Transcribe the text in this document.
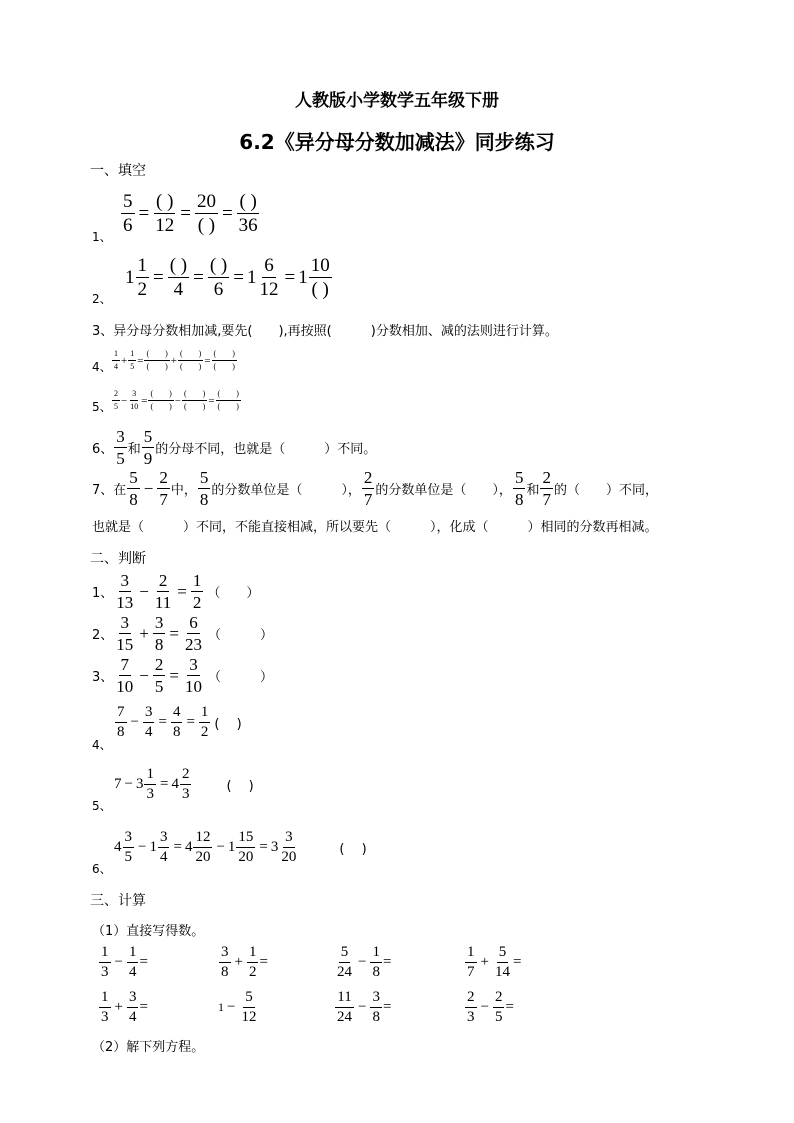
人教版小学数学五年级下册
6.2《异分母分数加减法》同步练习
一、填空
1、
$\frac{5}{6} = \frac{( )}{12} = \frac{20}{( )} = \frac{( )}{36}$
2、
$1 \frac{1}{2} = \frac{( )}{4} = \frac{( )}{6} = 1 \frac{6}{12} = 1 \frac{10}{( )}$
3、异分母分数相加减,要先(　　),再按照(　　　)分数相加、减的法则进行计算。
4、 $\frac{1}{4} + \frac{1}{5} = \frac{( )}{( )} + \frac{( )}{( )} = \frac{( )}{( )}$
5、 $\frac{2}{5} - \frac{3}{10} = \frac{( )}{( )} - \frac{( )}{( )} = \frac{( )}{( )}$
6、 $\frac{3}{5}$ 和 $\frac{5}{9}$ 的分母不同，也就是（　　　）不同。
7、在 $\frac{5}{8} - \frac{2}{7}$ 中， $\frac{5}{8}$ 的分数单位是（　　　）， $\frac{2}{7}$ 的分数单位是（　　）， $\frac{5}{8}$ 和 $\frac{2}{7}$ 的（　　）不同，
也就是（　　　）不同，不能直接相减，所以要先（　　　），化成（　　　）相同的分数再相减。
二、判断
1、 $\frac{3}{13} - \frac{2}{11} = \frac{1}{2}$ （　　）
2、 $\frac{3}{15} + \frac{3}{8} = \frac{6}{23}$ （　　　）
3、 $\frac{7}{10} - \frac{2}{5} = \frac{3}{10}$ （　　　）
4、
$\frac{7}{8} - \frac{3}{4} = \frac{4}{8} = \frac{1}{2}$ (　 )
5、
$7 - 3 \frac{1}{3} = 4 \frac{2}{3}$	(　 )
6、
$4 \frac{3}{5} - 1 \frac{3}{4} = 4 \frac{12}{20} - 1 \frac{15}{20} = 3 \frac{3}{20}$	(　 )
三、计算
（1）直接写得数。
$\frac{1}{3} - \frac{1}{4}$ =	$\frac{3}{8} + \frac{1}{2}$ =	$\frac{5}{24} - \frac{1}{8}$ =	$\frac{1}{7} + \frac{5}{14}$ =
$\frac{1}{3} + \frac{3}{4}$ =	$1 - \frac{5}{12}$	$\frac{11}{24} - \frac{3}{8}$ =	$\frac{2}{3} - \frac{2}{5}$ =
（2）解下列方程。
